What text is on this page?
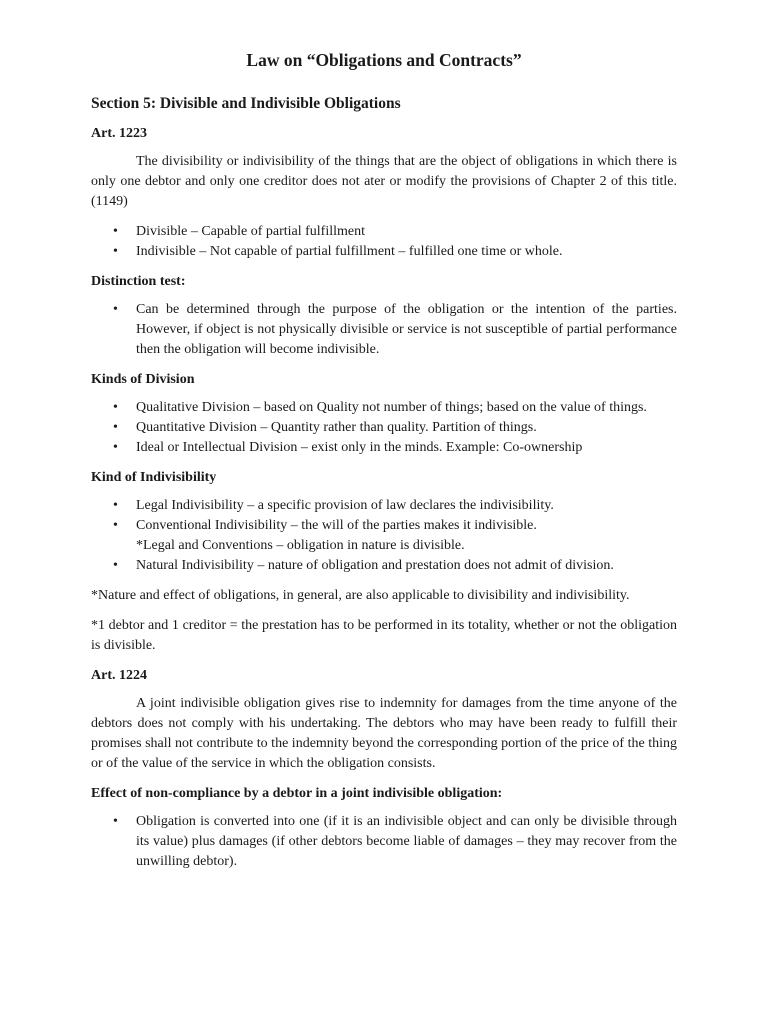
Law on “Obligations and Contracts”
Section 5: Divisible and Indivisible Obligations
Art. 1223

The divisibility or indivisibility of the things that are the object of obligations in which there is only one debtor and only one creditor does not ater or modify the provisions of Chapter 2 of this title. (1149)

• Divisible – Capable of partial fulfillment
• Indivisible – Not capable of partial fulfillment – fulfilled one time or whole.
Distinction test:
• Can be determined through the purpose of the obligation or the intention of the parties. However, if object is not physically divisible or service is not susceptible of partial performance then the obligation will become indivisible.
Kinds of Division
• Qualitative Division – based on Quality not number of things; based on the value of things.
• Quantitative Division – Quantity rather than quality. Partition of things.
• Ideal or Intellectual Division – exist only in the minds. Example: Co-ownership
Kind of Indivisibility
• Legal Indivisibility – a specific provision of law declares the indivisibility.
• Conventional Indivisibility – the will of the parties makes it indivisible.
*Legal and Conventions – obligation in nature is divisible.
• Natural Indivisibility – nature of obligation and prestation does not admit of division.

*Nature and effect of obligations, in general, are also applicable to divisibility and indivisibility.

*1 debtor and 1 creditor = the prestation has to be performed in its totality, whether or not the obligation is divisible.

Art. 1224

A joint indivisible obligation gives rise to indemnity for damages from the time anyone of the debtors does not comply with his undertaking. The debtors who may have been ready to fulfill their promises shall not contribute to the indemnity beyond the corresponding portion of the price of the thing or of the value of the service in which the obligation consists.

Effect of non-compliance by a debtor in a joint indivisible obligation:
• Obligation is converted into one (if it is an indivisible object and can only be divisible through its value) plus damages (if other debtors become liable of damages – they may recover from the unwilling debtor).
